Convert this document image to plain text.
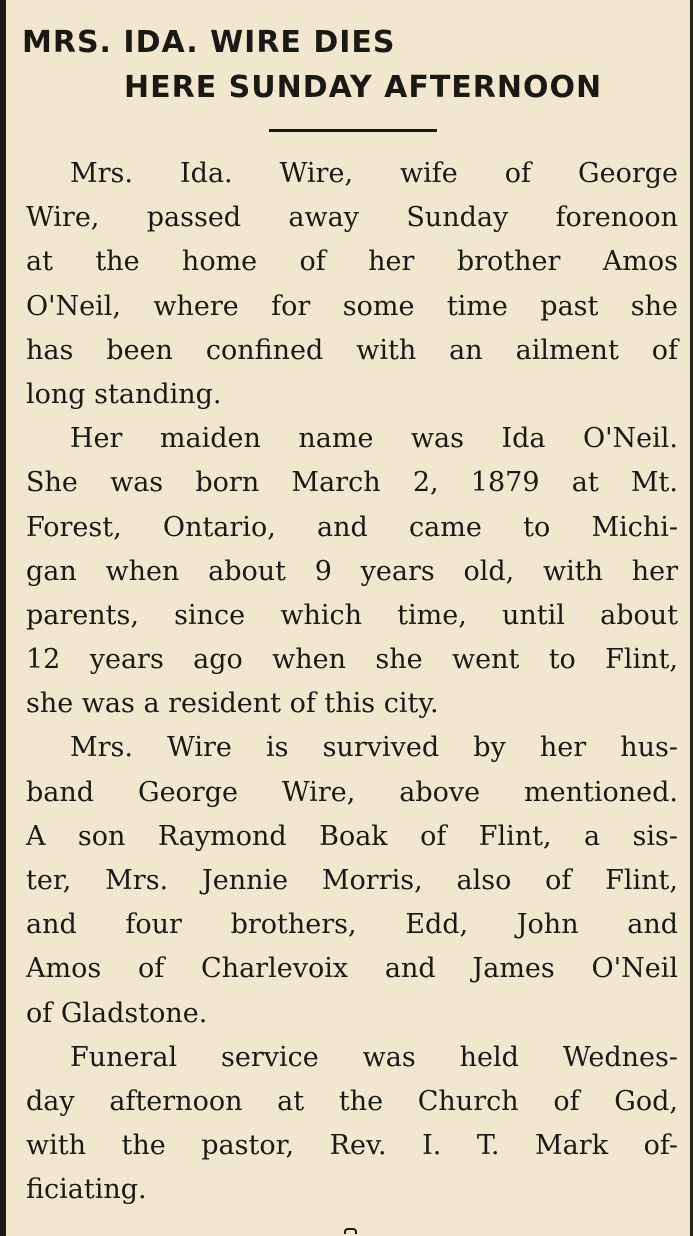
MRS. IDA. WIRE DIES
HERE SUNDAY AFTERNOON
Mrs. Ida. Wire, wife of George
Wire, passed away Sunday forenoon
at the home of her brother Amos
O'Neil, where for some time past she
has been confined with an ailment of
long standing.
Her maiden name was Ida O'Neil.
She was born March 2, 1879 at Mt.
Forest, Ontario, and came to Michi-
gan when about 9 years old, with her
parents, since which time, until about
12 years ago when she went to Flint,
she was a resident of this city.
Mrs. Wire is survived by her hus-
band George Wire, above mentioned.
A son Raymond Boak of Flint, a sis-
ter, Mrs. Jennie Morris, also of Flint,
and four brothers, Edd, John and
Amos of Charlevoix and James O'Neil
of Gladstone.
Funeral service was held Wednes-
day afternoon at the Church of God,
with the pastor, Rev. I. T. Mark of-
ficiating.
